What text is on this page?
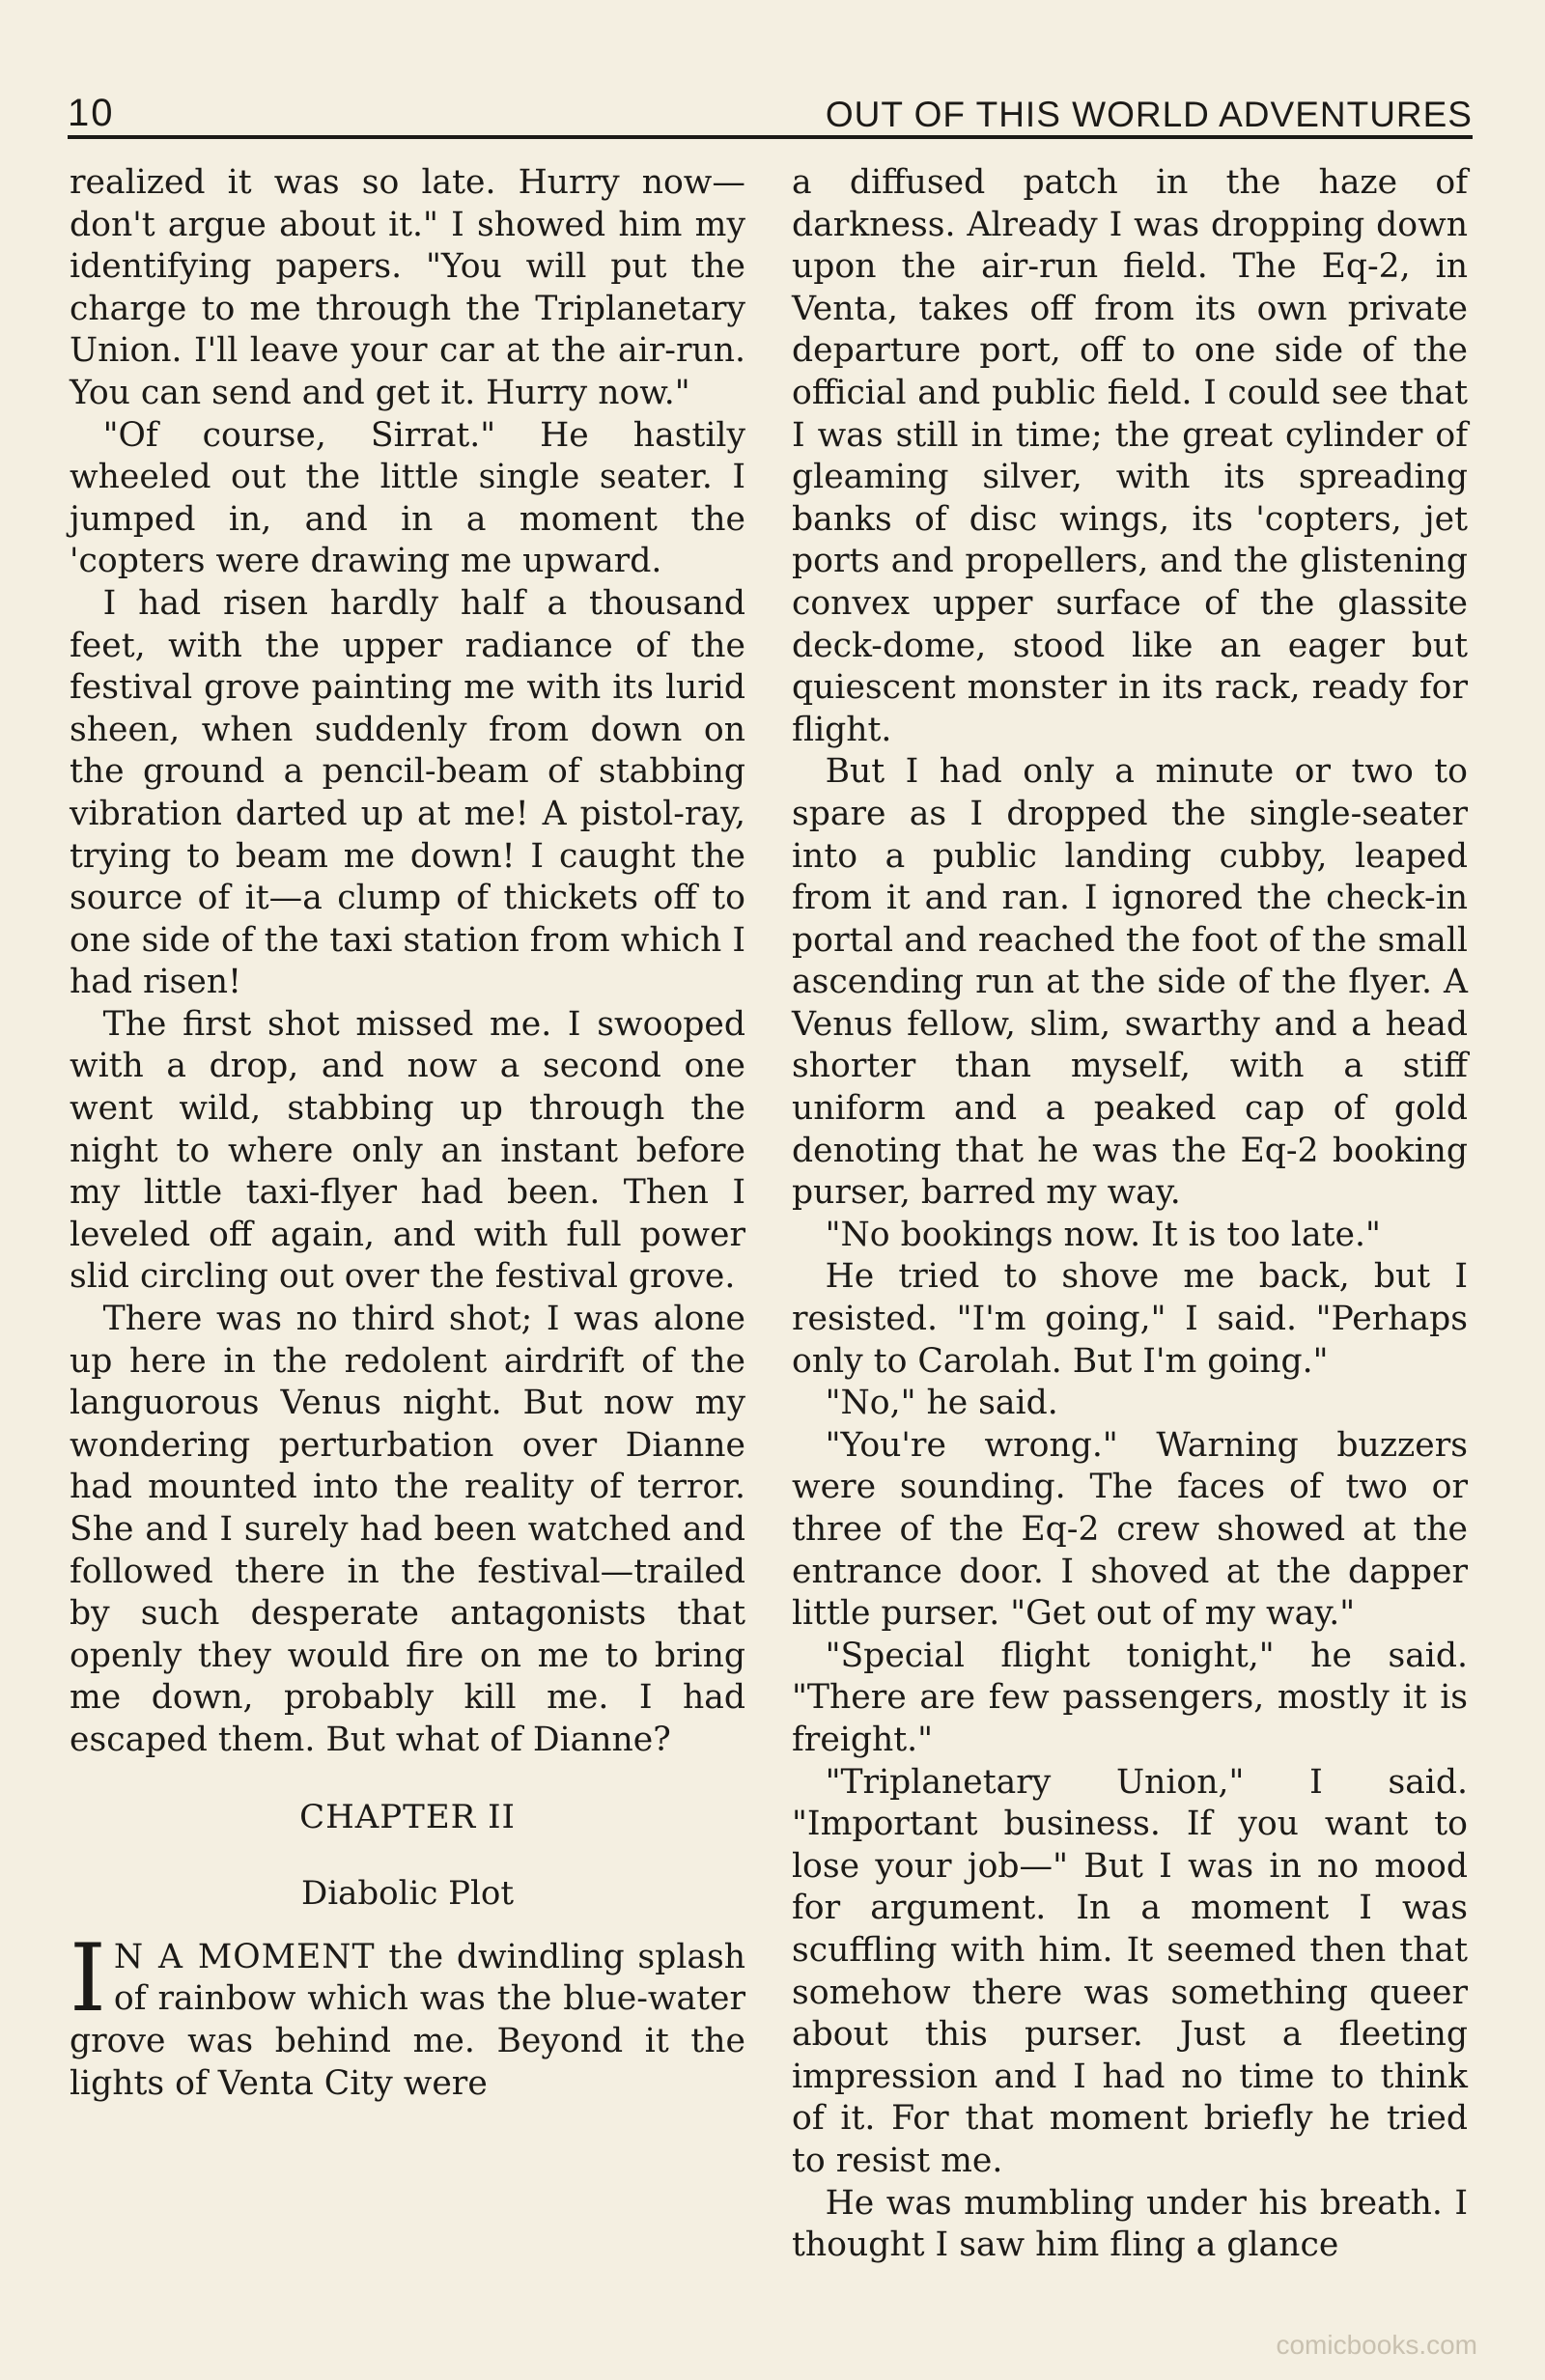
10	OUT OF THIS WORLD ADVENTURES

realized it was so late. Hurry now—don't argue about it." I showed him my identifying papers. "You will put the charge to me through the Triplanetary Union. I'll leave your car at the air-run. You can send and get it. Hurry now."

"Of course, Sirrat." He hastily wheeled out the little single seater. I jumped in, and in a moment the 'copters were drawing me upward.

I had risen hardly half a thousand feet, with the upper radiance of the festival grove painting me with its lurid sheen, when suddenly from down on the ground a pencil-beam of stabbing vibration darted up at me! A pistol-ray, trying to beam me down! I caught the source of it—a clump of thickets off to one side of the taxi station from which I had risen!

The first shot missed me. I swooped with a drop, and now a second one went wild, stabbing up through the night to where only an instant before my little taxi-flyer had been. Then I leveled off again, and with full power slid circling out over the festival grove.

There was no third shot; I was alone up here in the redolent airdrift of the languorous Venus night. But now my wondering perturbation over Dianne had mounted into the reality of terror. She and I surely had been watched and followed there in the festival—trailed by such desperate antagonists that openly they would fire on me to bring me down, probably kill me. I had escaped them. But what of Dianne?

CHAPTER II
Diabolic Plot

I N A MOMENT the dwindling splash of rainbow which was the blue-water grove was behind me. Beyond it the lights of Venta City were

a diffused patch in the haze of darkness. Already I was dropping down upon the air-run field. The Eq-2, in Venta, takes off from its own private departure port, off to one side of the official and public field. I could see that I was still in time; the great cylinder of gleaming silver, with its spreading banks of disc wings, its 'copters, jet ports and propellers, and the glistening convex upper surface of the glassite deck-dome, stood like an eager but quiescent monster in its rack, ready for flight.

But I had only a minute or two to spare as I dropped the single-seater into a public landing cubby, leaped from it and ran. I ignored the check-in portal and reached the foot of the small ascending run at the side of the flyer. A Venus fellow, slim, swarthy and a head shorter than myself, with a stiff uniform and a peaked cap of gold denoting that he was the Eq-2 booking purser, barred my way.

"No bookings now. It is too late."

He tried to shove me back, but I resisted. "I'm going," I said. "Perhaps only to Carolah. But I'm going."

"No," he said.

"You're wrong." Warning buzzers were sounding. The faces of two or three of the Eq-2 crew showed at the entrance door. I shoved at the dapper little purser. "Get out of my way."

"Special flight tonight," he said. "There are few passengers, mostly it is freight."

"Triplanetary Union," I said. "Important business. If you want to lose your job—" But I was in no mood for argument. In a moment I was scuffling with him. It seemed then that somehow there was something queer about this purser. Just a fleeting impression and I had no time to think of it. For that moment briefly he tried to resist me.

He was mumbling under his breath. I thought I saw him fling a glance

comicbooks.com
